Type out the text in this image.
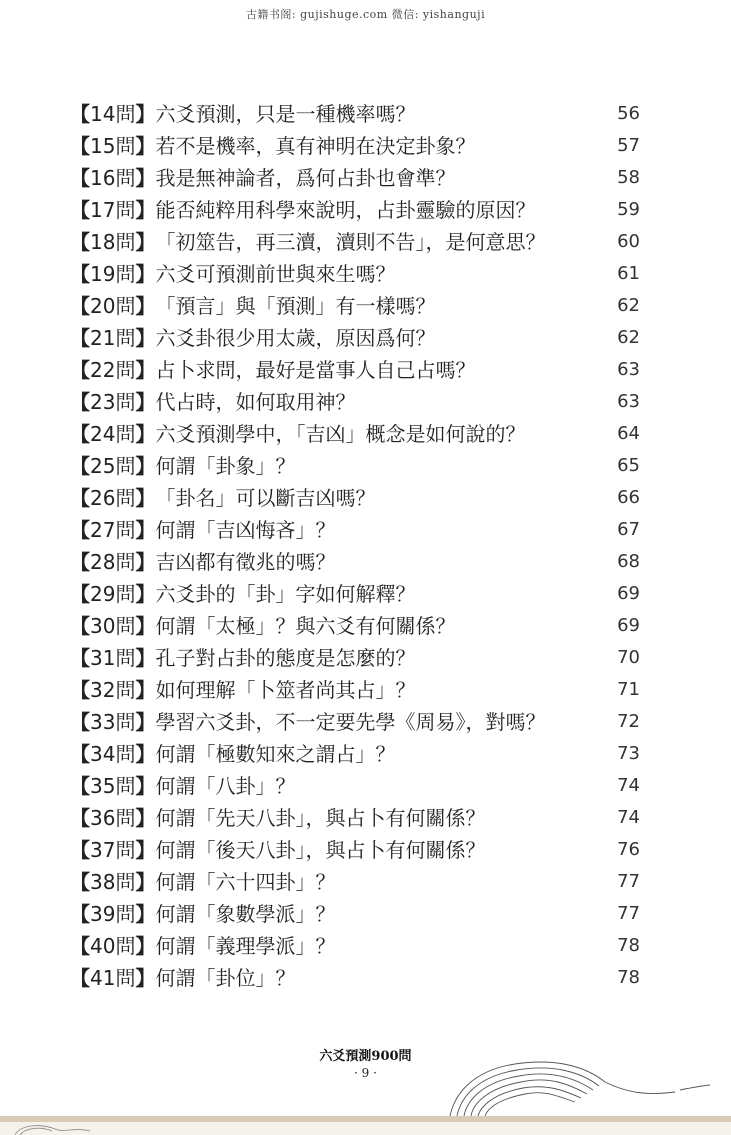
古籍书阁: gujishuge.com 微信: yishanguji
【14問】六爻預測，只是一種機率嗎？	56
【15問】若不是機率，真有神明在決定卦象？	57
【16問】我是無神論者，爲何占卦也會準？	58
【17問】能否純粹用科學來說明，占卦靈驗的原因？	59
【18問】「初筮告，再三瀆，瀆則不告」，是何意思？	60
【19問】六爻可預測前世與來生嗎？	61
【20問】「預言」與「預測」有一樣嗎？	62
【21問】六爻卦很少用太歲，原因爲何？	62
【22問】占卜求問，最好是當事人自己占嗎？	63
【23問】代占時，如何取用神？	63
【24問】六爻預測學中，「吉凶」概念是如何說的？	64
【25問】何謂「卦象」？	65
【26問】「卦名」可以斷吉凶嗎？	66
【27問】何謂「吉凶悔吝」？	67
【28問】吉凶都有徵兆的嗎？	68
【29問】六爻卦的「卦」字如何解釋？	69
【30問】何謂「太極」？與六爻有何關係？	69
【31問】孔子對占卦的態度是怎麼的？	70
【32問】如何理解「卜筮者尚其占」？	71
【33問】學習六爻卦，不一定要先學《周易》，對嗎？	72
【34問】何謂「極數知來之謂占」？	73
【35問】何謂「八卦」？	74
【36問】何謂「先天八卦」，與占卜有何關係？	74
【37問】何謂「後天八卦」，與占卜有何關係？	76
【38問】何謂「六十四卦」？	77
【39問】何謂「象數學派」？	77
【40問】何謂「義理學派」？	78
【41問】何謂「卦位」？	78
六爻預測900問
· 9 ·
